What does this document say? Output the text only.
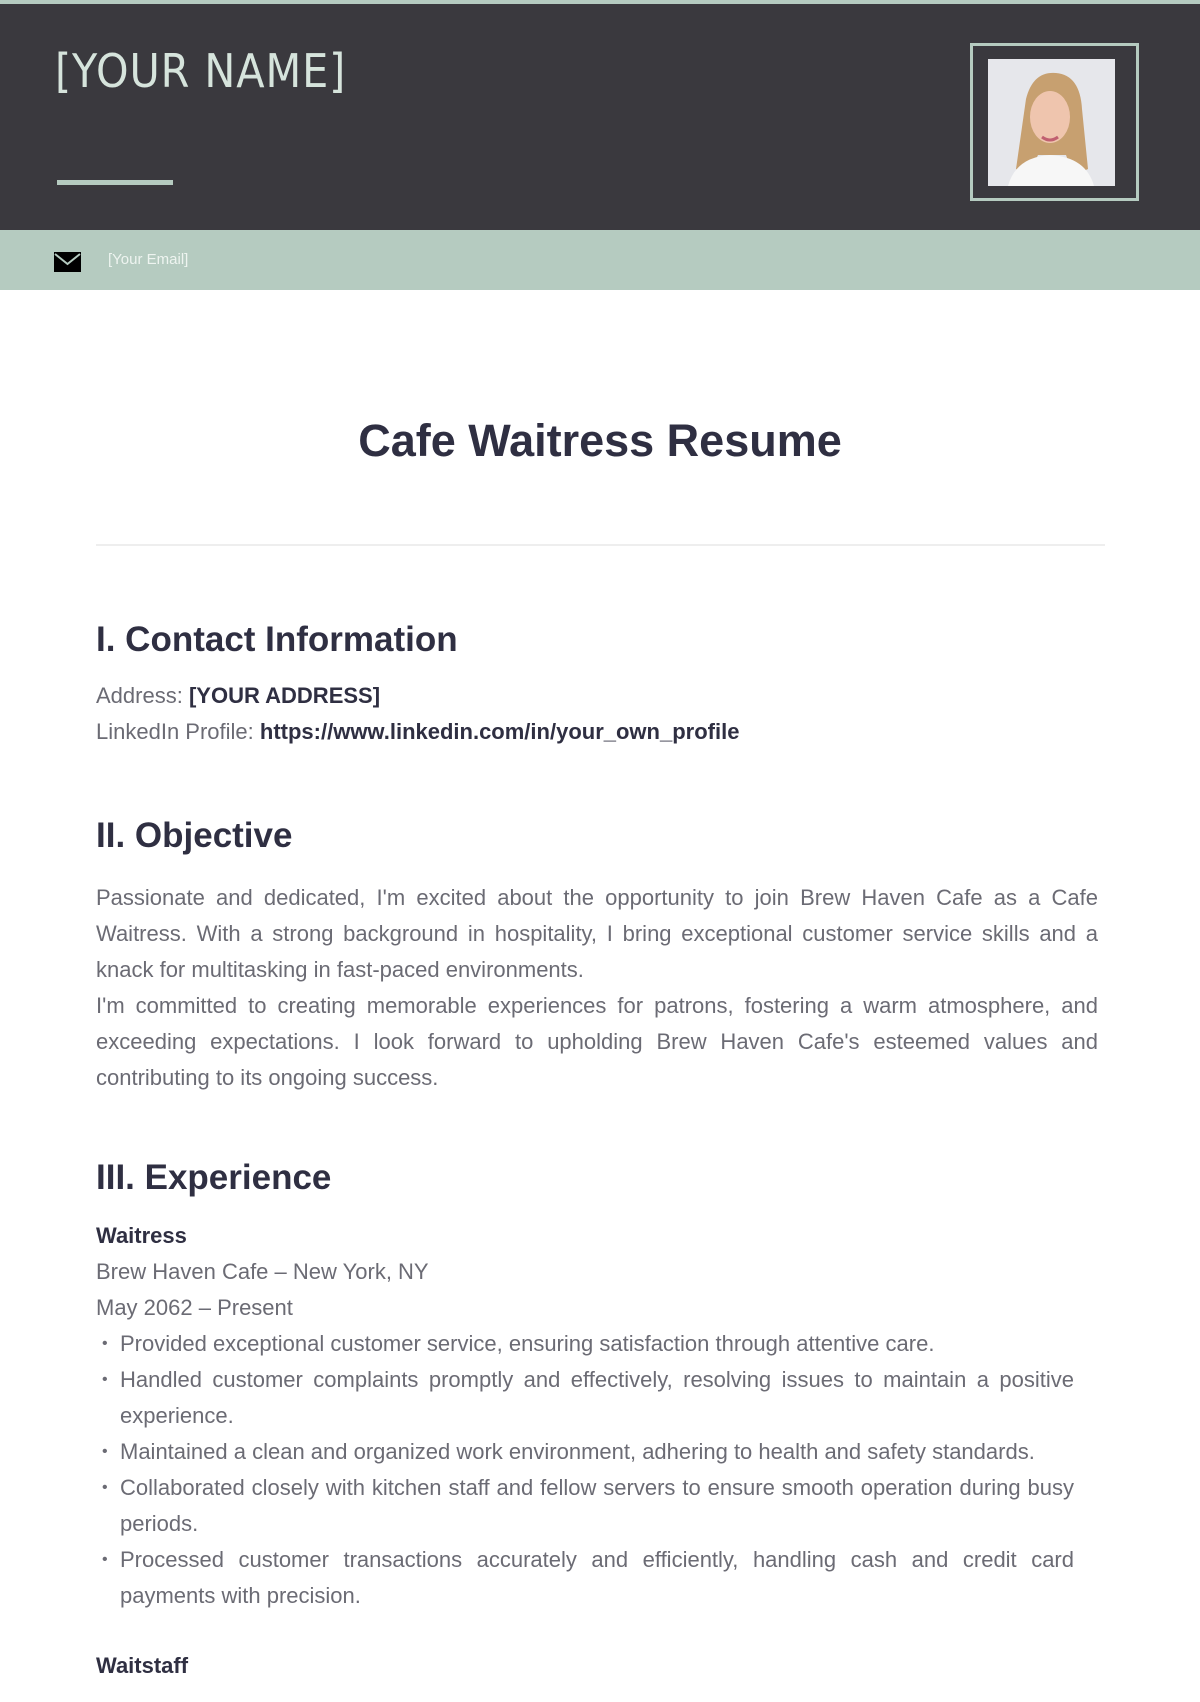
[YOUR NAME]
[Your Email]
Cafe Waitress Resume
I. Contact Information
Address: [YOUR ADDRESS]
LinkedIn Profile: https://www.linkedin.com/in/your_own_profile
II. Objective

Passionate and dedicated, I'm excited about the opportunity to join Brew Haven Cafe as a Cafe Waitress. With a strong background in hospitality, I bring exceptional customer service skills and a knack for multitasking in fast-paced environments.

I'm committed to creating memorable experiences for patrons, fostering a warm atmosphere, and exceeding expectations. I look forward to upholding Brew Haven Cafe's esteemed values and contributing to its ongoing success.

III. Experience
Waitress
Brew Haven Cafe – New York, NY
May 2062 – Present
• Provided exceptional customer service, ensuring satisfaction through attentive care.
• Handled customer complaints promptly and effectively, resolving issues to maintain a positive experience.
• Maintained a clean and organized work environment, adhering to health and safety standards.
• Collaborated closely with kitchen staff and fellow servers to ensure smooth operation during busy periods.
• Processed customer transactions accurately and efficiently, handling cash and credit card payments with precision.
Waitstaff
